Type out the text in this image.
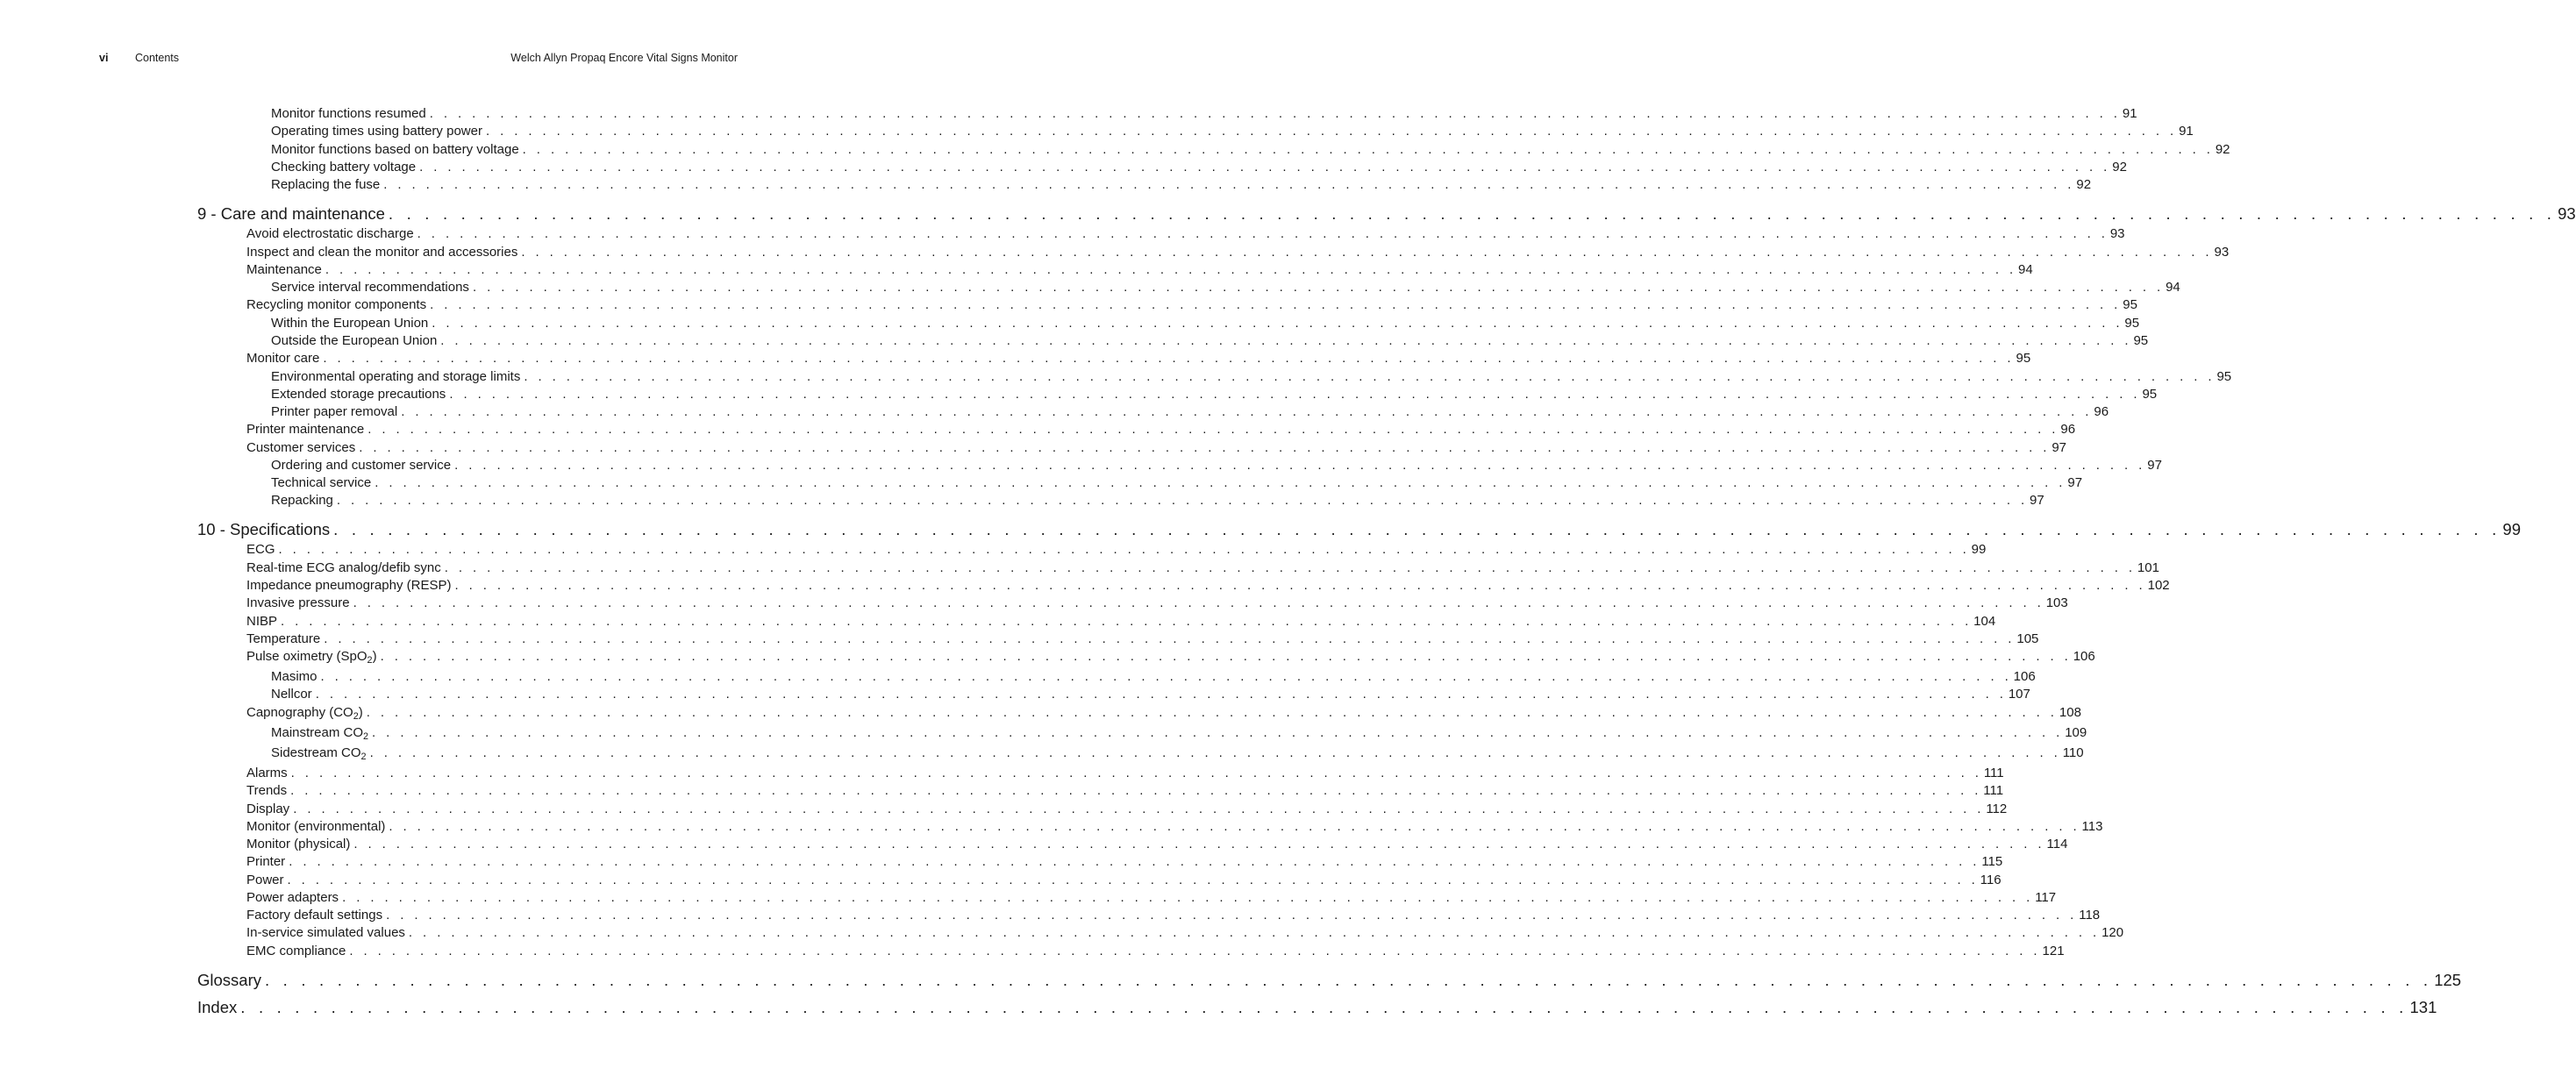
vi Contents	Welch Allyn Propaq Encore Vital Signs Monitor
Monitor functions resumed . . . . . . . . . . . . . . . . . . . . . . . . . . . . . . . . . . . . . . . . . . . . . . . . . . . . . . . . . . . . . . . . . . . . . . . . . . . . . . . . . . . . . . . . . . . . . . . . . . . . . . . . . . . . . . . . . . . . . . . . 91
Operating times using battery power . . . . . . . . . . . . . . . . . . . . . . . . . . . . . . . . . . . . . . . . . . . . . . . . . . . . . . . . . . . . . . . . . . . . . . . . . . . . . . . . . . . . . . . . . . . . . . . . . . . . . . . . . . . . . . . . . . . . . . . . 91
Monitor functions based on battery voltage . . . . . . . . . . . . . . . . . . . . . . . . . . . . . . . . . . . . . . . . . . . . . . . . . . . . . . . . . . . . . . . . . . . . . . . . . . . . . . . . . . . . . . . . . . . . . . . . . . . . . . . . . . . . . . . . . . . . . . . . 92
Checking battery voltage . . . . . . . . . . . . . . . . . . . . . . . . . . . . . . . . . . . . . . . . . . . . . . . . . . . . . . . . . . . . . . . . . . . . . . . . . . . . . . . . . . . . . . . . . . . . . . . . . . . . . . . . . . . . . . . . . . . . . . . . 92
Replacing the fuse . . . . . . . . . . . . . . . . . . . . . . . . . . . . . . . . . . . . . . . . . . . . . . . . . . . . . . . . . . . . . . . . . . . . . . . . . . . . . . . . . . . . . . . . . . . . . . . . . . . . . . . . . . . . . . . . . . . . . . . . 92
9 - Care and maintenance . . . . . . . . . . . . . . . . . . . . . . . . . . . . . . . . . . . . . . . . . . . . . . . . . . . . . . . . . . . . . . . . . . . . . . . . . . . . . . . . . . . . . . . . . . . . . . . . . . . . . . . . . . . . . . . . . . . . . . . . 93
Avoid electrostatic discharge . . . . . . . . . . . . . . . . . . . . . . . . . . . . . . . . . . . . . . . . . . . . . . . . . . . . . . . . . . . . . . . . . . . . . . . . . . . . . . . . . . . . . . . . . . . . . . . . . . . . . . . . . . . . . . . . . . . . . . . . 93
Inspect and clean the monitor and accessories . . . . . . . . . . . . . . . . . . . . . . . . . . . . . . . . . . . . . . . . . . . . . . . . . . . . . . . . . . . . . . . . . . . . . . . . . . . . . . . . . . . . . . . . . . . . . . . . . . . . . . . . . . . . . . . . . . . . . . . . 93
Maintenance . . . . . . . . . . . . . . . . . . . . . . . . . . . . . . . . . . . . . . . . . . . . . . . . . . . . . . . . . . . . . . . . . . . . . . . . . . . . . . . . . . . . . . . . . . . . . . . . . . . . . . . . . . . . . . . . . . . . . . . . 94
Service interval recommendations . . . . . . . . . . . . . . . . . . . . . . . . . . . . . . . . . . . . . . . . . . . . . . . . . . . . . . . . . . . . . . . . . . . . . . . . . . . . . . . . . . . . . . . . . . . . . . . . . . . . . . . . . . . . . . . . . . . . . . . . 94
Recycling monitor components . . . . . . . . . . . . . . . . . . . . . . . . . . . . . . . . . . . . . . . . . . . . . . . . . . . . . . . . . . . . . . . . . . . . . . . . . . . . . . . . . . . . . . . . . . . . . . . . . . . . . . . . . . . . . . . . . . . . . . . . 95
Within the European Union . . . . . . . . . . . . . . . . . . . . . . . . . . . . . . . . . . . . . . . . . . . . . . . . . . . . . . . . . . . . . . . . . . . . . . . . . . . . . . . . . . . . . . . . . . . . . . . . . . . . . . . . . . . . . . . . . . . . . . . . 95
Outside the European Union . . . . . . . . . . . . . . . . . . . . . . . . . . . . . . . . . . . . . . . . . . . . . . . . . . . . . . . . . . . . . . . . . . . . . . . . . . . . . . . . . . . . . . . . . . . . . . . . . . . . . . . . . . . . . . . . . . . . . . . . 95
Monitor care . . . . . . . . . . . . . . . . . . . . . . . . . . . . . . . . . . . . . . . . . . . . . . . . . . . . . . . . . . . . . . . . . . . . . . . . . . . . . . . . . . . . . . . . . . . . . . . . . . . . . . . . . . . . . . . . . . . . . . . . 95
Environmental operating and storage limits . . . . . . . . . . . . . . . . . . . . . . . . . . . . . . . . . . . . . . . . . . . . . . . . . . . . . . . . . . . . . . . . . . . . . . . . . . . . . . . . . . . . . . . . . . . . . . . . . . . . . . . . . . . . . . . . . . . . . . . . 95
Extended storage precautions . . . . . . . . . . . . . . . . . . . . . . . . . . . . . . . . . . . . . . . . . . . . . . . . . . . . . . . . . . . . . . . . . . . . . . . . . . . . . . . . . . . . . . . . . . . . . . . . . . . . . . . . . . . . . . . . . . . . . . . . 95
Printer paper removal . . . . . . . . . . . . . . . . . . . . . . . . . . . . . . . . . . . . . . . . . . . . . . . . . . . . . . . . . . . . . . . . . . . . . . . . . . . . . . . . . . . . . . . . . . . . . . . . . . . . . . . . . . . . . . . . . . . . . . . . 96
Printer maintenance . . . . . . . . . . . . . . . . . . . . . . . . . . . . . . . . . . . . . . . . . . . . . . . . . . . . . . . . . . . . . . . . . . . . . . . . . . . . . . . . . . . . . . . . . . . . . . . . . . . . . . . . . . . . . . . . . . . . . . . . 96
Customer services . . . . . . . . . . . . . . . . . . . . . . . . . . . . . . . . . . . . . . . . . . . . . . . . . . . . . . . . . . . . . . . . . . . . . . . . . . . . . . . . . . . . . . . . . . . . . . . . . . . . . . . . . . . . . . . . . . . . . . . . 97
Ordering and customer service . . . . . . . . . . . . . . . . . . . . . . . . . . . . . . . . . . . . . . . . . . . . . . . . . . . . . . . . . . . . . . . . . . . . . . . . . . . . . . . . . . . . . . . . . . . . . . . . . . . . . . . . . . . . . . . . . . . . . . . . 97
Technical service . . . . . . . . . . . . . . . . . . . . . . . . . . . . . . . . . . . . . . . . . . . . . . . . . . . . . . . . . . . . . . . . . . . . . . . . . . . . . . . . . . . . . . . . . . . . . . . . . . . . . . . . . . . . . . . . . . . . . . . . 97
Repacking . . . . . . . . . . . . . . . . . . . . . . . . . . . . . . . . . . . . . . . . . . . . . . . . . . . . . . . . . . . . . . . . . . . . . . . . . . . . . . . . . . . . . . . . . . . . . . . . . . . . . . . . . . . . . . . . . . . . . . . . 97
10 - Specifications . . . . . . . . . . . . . . . . . . . . . . . . . . . . . . . . . . . . . . . . . . . . . . . . . . . . . . . . . . . . . . . . . . . . . . . . . . . . . . . . . . . . . . . . . . . . . . . . . . . . . . . . . . . . . . . . . . . . . . . . 99
ECG . . . . . . . . . . . . . . . . . . . . . . . . . . . . . . . . . . . . . . . . . . . . . . . . . . . . . . . . . . . . . . . . . . . . . . . . . . . . . . . . . . . . . . . . . . . . . . . . . . . . . . . . . . . . . . . . . . . . . . . . 99
Real-time ECG analog/defib sync . . . . . . . . . . . . . . . . . . . . . . . . . . . . . . . . . . . . . . . . . . . . . . . . . . . . . . . . . . . . . . . . . . . . . . . . . . . . . . . . . . . . . . . . . . . . . . . . . . . . . . . . . . . . . . . . . . . . . . . . 101
Impedance pneumography (RESP) . . . . . . . . . . . . . . . . . . . . . . . . . . . . . . . . . . . . . . . . . . . . . . . . . . . . . . . . . . . . . . . . . . . . . . . . . . . . . . . . . . . . . . . . . . . . . . . . . . . . . . . . . . . . . . . . . . . . . . . . 102
Invasive pressure . . . . . . . . . . . . . . . . . . . . . . . . . . . . . . . . . . . . . . . . . . . . . . . . . . . . . . . . . . . . . . . . . . . . . . . . . . . . . . . . . . . . . . . . . . . . . . . . . . . . . . . . . . . . . . . . . . . . . . . . 103
NIBP . . . . . . . . . . . . . . . . . . . . . . . . . . . . . . . . . . . . . . . . . . . . . . . . . . . . . . . . . . . . . . . . . . . . . . . . . . . . . . . . . . . . . . . . . . . . . . . . . . . . . . . . . . . . . . . . . . . . . . . . 104
Temperature . . . . . . . . . . . . . . . . . . . . . . . . . . . . . . . . . . . . . . . . . . . . . . . . . . . . . . . . . . . . . . . . . . . . . . . . . . . . . . . . . . . . . . . . . . . . . . . . . . . . . . . . . . . . . . . . . . . . . . . . 105
Pulse oximetry (SpO$_2$) . . . . . . . . . . . . . . . . . . . . . . . . . . . . . . . . . . . . . . . . . . . . . . . . . . . . . . . . . . . . . . . . . . . . . . . . . . . . . . . . . . . . . . . . . . . . . . . . . . . . . . . . . . . . . . . . . . . . . . . . 106
Masimo . . . . . . . . . . . . . . . . . . . . . . . . . . . . . . . . . . . . . . . . . . . . . . . . . . . . . . . . . . . . . . . . . . . . . . . . . . . . . . . . . . . . . . . . . . . . . . . . . . . . . . . . . . . . . . . . . . . . . . . . 106
Nellcor . . . . . . . . . . . . . . . . . . . . . . . . . . . . . . . . . . . . . . . . . . . . . . . . . . . . . . . . . . . . . . . . . . . . . . . . . . . . . . . . . . . . . . . . . . . . . . . . . . . . . . . . . . . . . . . . . . . . . . . . 107
Capnography $(CO_2)$ . . . . . . . . . . . . . . . . . . . . . . . . . . . . . . . . . . . . . . . . . . . . . . . . . . . . . . . . . . . . . . . . . . . . . . . . . . . . . . . . . . . . . . . . . . . . . . . . . . . . . . . . . . . . . . . . . . . . . . . . 108
Mainstream $CO_2$ . . . . . . . . . . . . . . . . . . . . . . . . . . . . . . . . . . . . . . . . . . . . . . . . . . . . . . . . . . . . . . . . . . . . . . . . . . . . . . . . . . . . . . . . . . . . . . . . . . . . . . . . . . . . . . . . . . . . . . . . 109
Sidestream $CO_2$ . . . . . . . . . . . . . . . . . . . . . . . . . . . . . . . . . . . . . . . . . . . . . . . . . . . . . . . . . . . . . . . . . . . . . . . . . . . . . . . . . . . . . . . . . . . . . . . . . . . . . . . . . . . . . . . . . . . . . . . . 110
Alarms . . . . . . . . . . . . . . . . . . . . . . . . . . . . . . . . . . . . . . . . . . . . . . . . . . . . . . . . . . . . . . . . . . . . . . . . . . . . . . . . . . . . . . . . . . . . . . . . . . . . . . . . . . . . . . . . . . . . . . . . 111
Trends . . . . . . . . . . . . . . . . . . . . . . . . . . . . . . . . . . . . . . . . . . . . . . . . . . . . . . . . . . . . . . . . . . . . . . . . . . . . . . . . . . . . . . . . . . . . . . . . . . . . . . . . . . . . . . . . . . . . . . . . 111
Display . . . . . . . . . . . . . . . . . . . . . . . . . . . . . . . . . . . . . . . . . . . . . . . . . . . . . . . . . . . . . . . . . . . . . . . . . . . . . . . . . . . . . . . . . . . . . . . . . . . . . . . . . . . . . . . . . . . . . . . . 112
Monitor (environmental) . . . . . . . . . . . . . . . . . . . . . . . . . . . . . . . . . . . . . . . . . . . . . . . . . . . . . . . . . . . . . . . . . . . . . . . . . . . . . . . . . . . . . . . . . . . . . . . . . . . . . . . . . . . . . . . . . . . . . . . . 113
Monitor (physical) . . . . . . . . . . . . . . . . . . . . . . . . . . . . . . . . . . . . . . . . . . . . . . . . . . . . . . . . . . . . . . . . . . . . . . . . . . . . . . . . . . . . . . . . . . . . . . . . . . . . . . . . . . . . . . . . . . . . . . . . 114
Printer . . . . . . . . . . . . . . . . . . . . . . . . . . . . . . . . . . . . . . . . . . . . . . . . . . . . . . . . . . . . . . . . . . . . . . . . . . . . . . . . . . . . . . . . . . . . . . . . . . . . . . . . . . . . . . . . . . . . . . . . 115
Power . . . . . . . . . . . . . . . . . . . . . . . . . . . . . . . . . . . . . . . . . . . . . . . . . . . . . . . . . . . . . . . . . . . . . . . . . . . . . . . . . . . . . . . . . . . . . . . . . . . . . . . . . . . . . . . . . . . . . . . . 116
Power adapters . . . . . . . . . . . . . . . . . . . . . . . . . . . . . . . . . . . . . . . . . . . . . . . . . . . . . . . . . . . . . . . . . . . . . . . . . . . . . . . . . . . . . . . . . . . . . . . . . . . . . . . . . . . . . . . . . . . . . . . . 117
Factory default settings . . . . . . . . . . . . . . . . . . . . . . . . . . . . . . . . . . . . . . . . . . . . . . . . . . . . . . . . . . . . . . . . . . . . . . . . . . . . . . . . . . . . . . . . . . . . . . . . . . . . . . . . . . . . . . . . . . . . . . . . 118
In-service simulated values . . . . . . . . . . . . . . . . . . . . . . . . . . . . . . . . . . . . . . . . . . . . . . . . . . . . . . . . . . . . . . . . . . . . . . . . . . . . . . . . . . . . . . . . . . . . . . . . . . . . . . . . . . . . . . . . . . . . . . . . 120
EMC compliance . . . . . . . . . . . . . . . . . . . . . . . . . . . . . . . . . . . . . . . . . . . . . . . . . . . . . . . . . . . . . . . . . . . . . . . . . . . . . . . . . . . . . . . . . . . . . . . . . . . . . . . . . . . . . . . . . . . . . . . . 121
Glossary . . . . . . . . . . . . . . . . . . . . . . . . . . . . . . . . . . . . . . . . . . . . . . . . . . . . . . . . . . . . . . . . . . . . . . . . . . . . . . . . . . . . . . . . . . . . . . . . . . . . . . . . . . . . . . . . . . . . . . . . 125
Index . . . . . . . . . . . . . . . . . . . . . . . . . . . . . . . . . . . . . . . . . . . . . . . . . . . . . . . . . . . . . . . . . . . . . . . . . . . . . . . . . . . . . . . . . . . . . . . . . . . . . . . . . . . . . . . . . . . . . . . . 131
